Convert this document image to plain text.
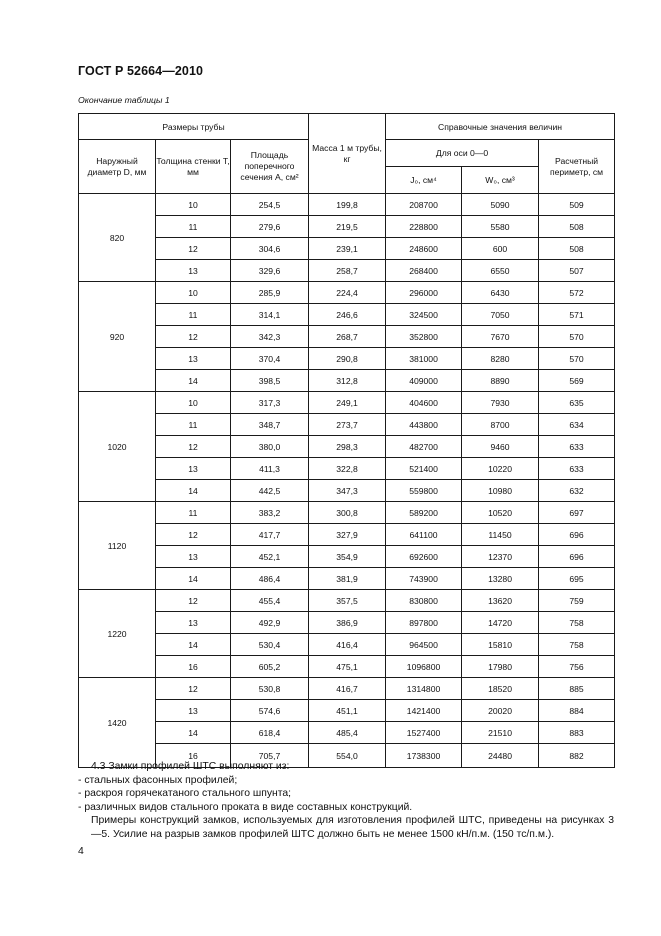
ГОСТ Р 52664—2010
Окончание таблицы 1
Размеры трубы			Масса 1 м трубы, кг	Справочные значения величин		
Наружный диаметр D, мм	Толщина стенки T, мм	Площадь поперечного сечения A, см²		Для оси 0—0		Расчетный периметр, см
				J₀, см⁴	W₀, см³	
820	10	254,5	199,8	208700	5090	509
	11	279,6	219,5	228800	5580	508
	12	304,6	239,1	248600	600	508
	13	329,6	258,7	268400	6550	507
920	10	285,9	224,4	296000	6430	572
	11	314,1	246,6	324500	7050	571
	12	342,3	268,7	352800	7670	570
	13	370,4	290,8	381000	8280	570
	14	398,5	312,8	409000	8890	569
1020	10	317,3	249,1	404600	7930	635
	11	348,7	273,7	443800	8700	634
	12	380,0	298,3	482700	9460	633
	13	411,3	322,8	521400	10220	633
	14	442,5	347,3	559800	10980	632
1120	11	383,2	300,8	589200	10520	697
	12	417,7	327,9	641100	11450	696
	13	452,1	354,9	692600	12370	696
	14	486,4	381,9	743900	13280	695
1220	12	455,4	357,5	830800	13620	759
	13	492,9	386,9	897800	14720	758
	14	530,4	416,4	964500	15810	758
	16	605,2	475,1	1096800	17980	756
1420	12	530,8	416,7	1314800	18520	885
	13	574,6	451,1	1421400	20020	884
	14	618,4	485,4	1527400	21510	883
	16	705,7	554,0	1738300	24480	882

4.3 Замки профилей ШТС выполняют из:

- стальных фасонных профилей;

- раскроя горячекатаного стального шпунта;

- различных видов стального проката в виде составных конструкций.

Примеры конструкций замков, используемых для изготовления профилей ШТС, приведены на рисунках 3—5. Усилие на разрыв замков профилей ШТС должно быть не менее 1500 кН/п.м. (150 тс/п.м.).

4
